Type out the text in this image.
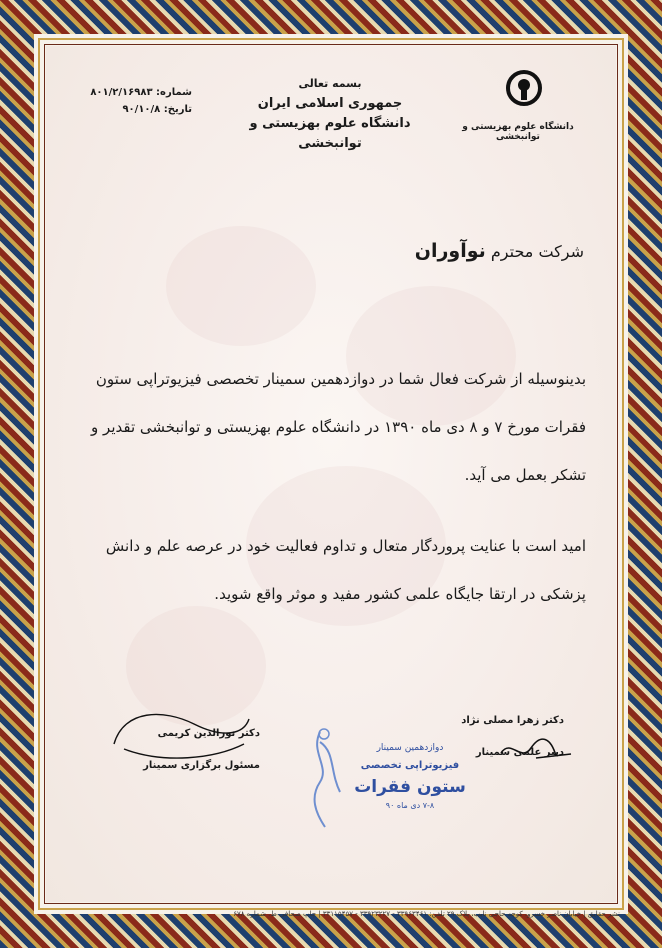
بسمه تعالی
جمهوری اسلامی ایران
دانشگاه علوم بهزیستی و توانبخشی
شماره: ۸۰۱/۲/۱۶۹۸۳
تاریخ: ۹۰/۱۰/۸
دانشگاه علوم بهزیستی و توانبخشی
شرکت محترم نوآوران
بدینوسیله از شرکت فعال شما در دوازدهمین سمینار تخصصی فیزیوتراپی ستون فقرات مورخ ۷ و ۸ دی ماه ۱۳۹۰ در دانشگاه علوم بهزیستی و توانبخشی تقدیر و تشکر بعمل می آید.
امید است با عنایت پروردگار متعال و تداوم فعالیت خود در عرصه علم و دانش پزشکی در ارتقا جایگاه علمی کشور مفید و موثر واقع شوید.
دکتر زهرا مصلی نژاد
دبیر علمی سمینار
دکتر نورالدین کریمی
مسئول برگزاری سمینار
دوازدهمین سمینار
فیزیوتراپی تخصصی
ستون فقرات
۷-۸ دی ماه ۹۰
نشر حقایق | خیابان ناصر خسرو، کوچه حاجی نایب، پلاک ۲۹ تلفن: ۳۳۹۶۳۴۶۱ - ۳۳۹۲۳۲۲۷ - ۳۳۱۱۵۴۵۷ | چاپ صحافی ط. شماره ۶۷۸
